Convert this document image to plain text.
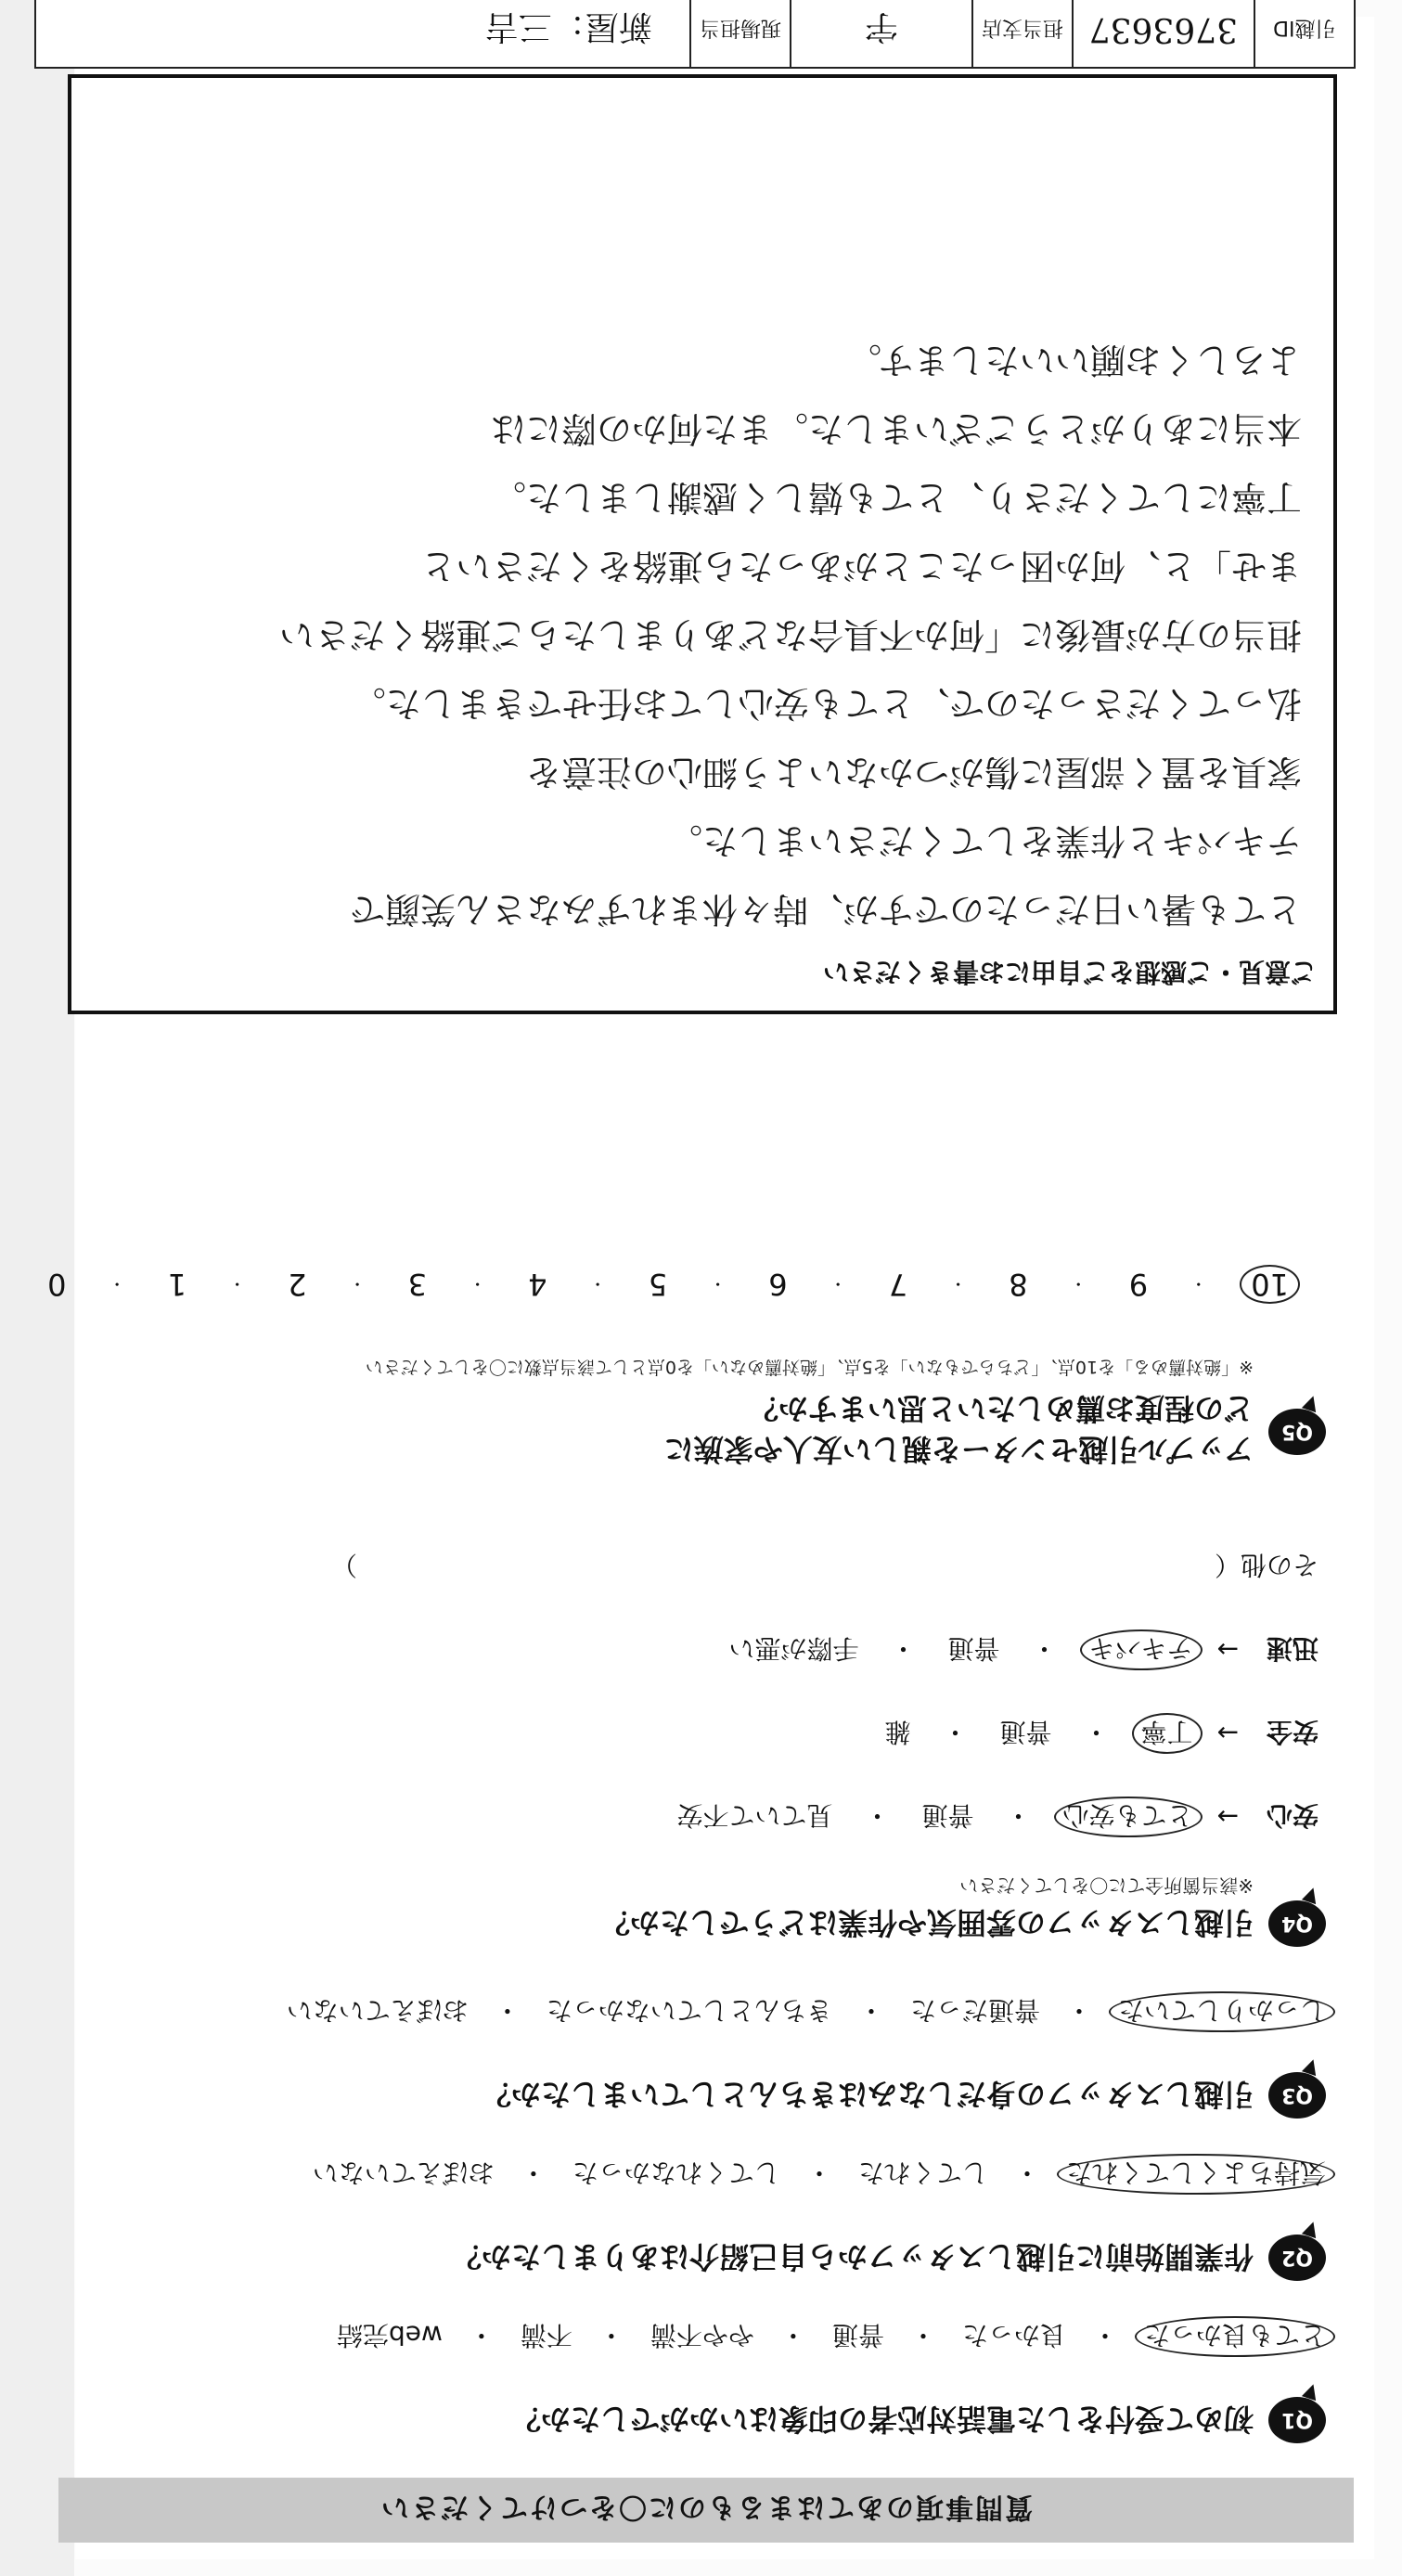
質問事項のあてはまるものに〇をつけてください
Q1
初めて受付をした電話対応者の印象はいかがでしたか？
とても良かった
・
良かった
・
普通
・
やや不満
・
不満
・
web完結
Q2
作業開始前に引越しスタッフから自己紹介はありましたか？
気持ちよくしてくれた
・
してくれた
・
してくれなかった
・
おぼえていない
Q3
引越しスタッフの身だしなみはきちんとしていましたか？
しっかりしていた
・
普通だった
・
きちんとしていなかった
・
おぼえていない
Q4
引越しスタッフの雰囲気や作業はどうでしたか？
※該当箇所全てに〇をしてください
安心
→
とても安心
・
普通
・
見ていて不安
安全
→
丁寧
・
普通
・
雑
迅速
→
テキパキ
・
普通
・
手際が悪い
その他（　　　　　　　　　　　　　　　　　　　　　　　　　　　　　　　　　）
Q5
アップル引越センターを親しい友人や家族に
どの程度お薦めしたいと思いますか？
※「絶対薦める」を10点、「どちらでもない」を5点、「絶対薦めない」を0点として該当点数に〇をしてください
10
・
9
・
8
・
7
・
6
・
5
・
4
・
3
・
2
・
1
・
0
ご意見・ご感想をご自由にお書きください
とても暑い日だったのですが、時々休まれずみなさん笑顔で
テキパキと作業をしてくださいました。
家具を置く部屋に傷がつかないよう細心の注意を
払ってくださったので、とても安心してお任せできました。
担当の方が最後に「何か不具合などありましたらご連絡ください
ませ」と、何か困ったことがあったら連絡をくださいと
丁寧にしてくださり、とても嬉しく感謝しました。
本当にありがとうございました。また何かの際には
よろしくお願いいたします。
引越ID
3763637
担当支店
宇
現場担当
新屋：三吉
